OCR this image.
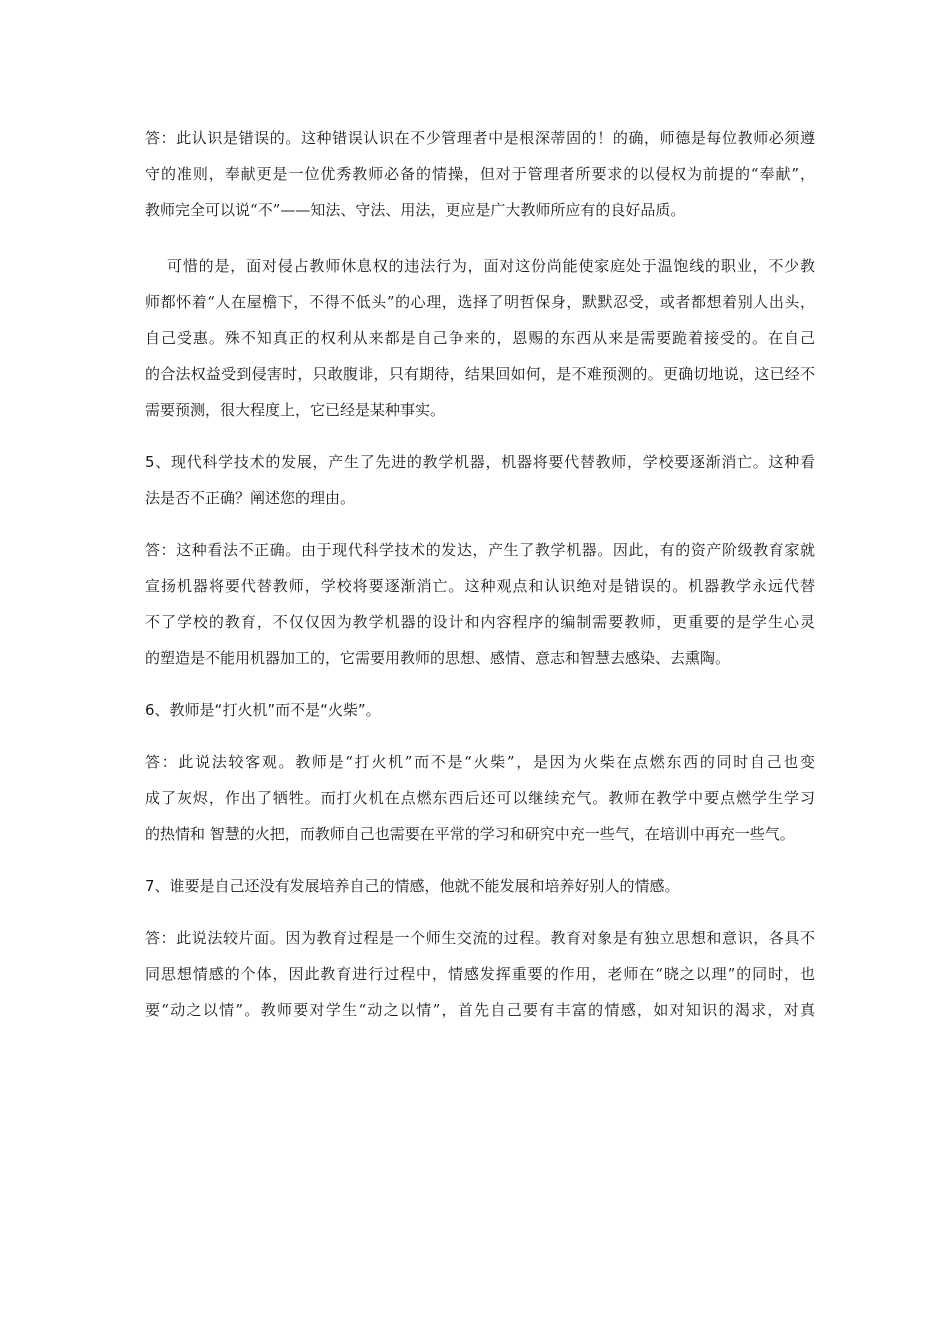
答：此认识是错误的。这种错误认识在不少管理者中是根深蒂固的！的确，师德是每位教师必须遵
守的准则，奉献更是一位优秀教师必备的情操，但对于管理者所要求的以侵权为前提的“奉献”，
教师完全可以说“不”——知法、守法、用法，更应是广大教师所应有的良好品质。
可惜的是，面对侵占教师休息权的违法行为，面对这份尚能使家庭处于温饱线的职业，不少教
师都怀着“人在屋檐下，不得不低头”的心理，选择了明哲保身，默默忍受，或者都想着别人出头，
自己受惠。殊不知真正的权利从来都是自己争来的，恩赐的东西从来是需要跪着接受的。在自己
的合法权益受到侵害时，只敢腹诽，只有期待，结果回如何，是不难预测的。更确切地说，这已经不
需要预测，很大程度上，它已经是某种事实。
5、现代科学技术的发展，产生了先进的教学机器，机器将要代替教师，学校要逐渐消亡。这种看
法是否不正确？阐述您的理由。
答：这种看法不正确。由于现代科学技术的发达，产生了教学机器。因此，有的资产阶级教育家就
宣扬机器将要代替教师，学校将要逐渐消亡。这种观点和认识绝对是错误的。机器教学永远代替
不了学校的教育，不仅仅因为教学机器的设计和内容程序的编制需要教师，更重要的是学生心灵
的塑造是不能用机器加工的，它需要用教师的思想、感情、意志和智慧去感染、去熏陶。
6、教师是“打火机”而不是“火柴”。
答：此说法较客观。教师是“打火机”而不是“火柴”，是因为火柴在点燃东西的同时自己也变
成了灰烬，作出了牺牲。而打火机在点燃东西后还可以继续充气。教师在教学中要点燃学生学习
的热情和 智慧的火把，而教师自己也需要在平常的学习和研究中充一些气，在培训中再充一些气。
7、谁要是自己还没有发展培养自己的情感，他就不能发展和培养好别人的情感。
答：此说法较片面。因为教育过程是一个师生交流的过程。教育对象是有独立思想和意识，各具不
同思想情感的个体，因此教育进行过程中，情感发挥重要的作用，老师在“晓之以理”的同时，也
要“动之以情”。教师要对学生“动之以情”，首先自己要有丰富的情感，如对知识的渴求，对真
